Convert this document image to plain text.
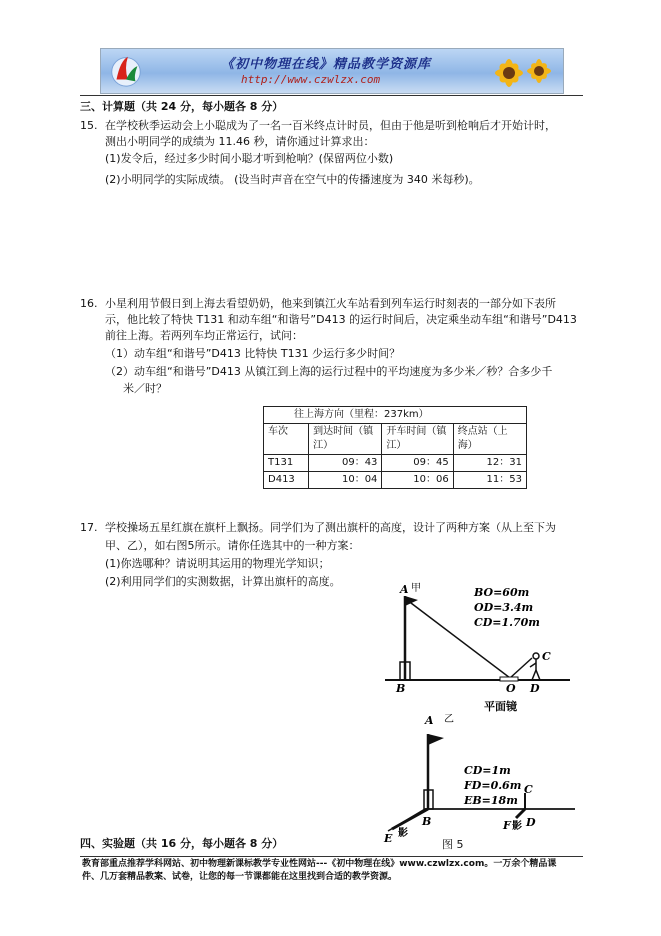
《初中物理在线》精品教学资源库
http://www.czwlzx.com
三、计算题（共 24 分，每小题各 8 分）
15. 在学校秋季运动会上小聪成为了一名一百米终点计时员，但由于他是听到枪响后才开始计时，
测出小明同学的成绩为 11.46 秒，请你通过计算求出：
(1)发令后，经过多少时间小聪才听到枪响？(保留两位小数)
(2)小明同学的实际成绩。 (设当时声音在空气中的传播速度为 340 米每秒)。
16. 小星利用节假日到上海去看望奶奶，他来到镇江火车站看到列车运行时刻表的一部分如下表所
示，他比较了特快 T131 和动车组“和谐号”D413 的运行时间后，决定乘坐动车组“和谐号”D413
前往上海。若两列车均正常运行，试问：
（1）动车组“和谐号”D413 比特快 T131 少运行多少时间？
（2）动车组“和谐号”D413 从镇江到上海的运行过程中的平均速度为多少米／秒？合多少千
米／时？
往上海方向（里程：237km）			
车次	到达时间（镇江）	开车时间（镇江）	终点站（上海）
T131	09：43	09：45	12：31
D413	10：04	10：06	11：53
17. 学校操场五星红旗在旗杆上飘扬。同学们为了测出旗杆的高度，设计了两种方案（从上至下为
甲、乙），如右图5所示。请你任选其中的一种方案：
(1)你选哪种？请说明其运用的物理光学知识；
(2)利用同学们的实测数据，计算出旗杆的高度。
A 甲	BO=60m
OD=3.4m
CD=1.70m
B	O D
C
平面镜
A 乙
CD=1m
FD=0.6m
EB=18m
E 影
B	F 影 D
C
图 5
四、实验题（共 16 分，每小题各 8 分）
教育部重点推荐学科网站、初中物理新课标教学专业性网站---《初中物理在线》www.czwlzx.com。一万余个精品课
件、几万套精品教案、试卷，让您的每一节课都能在这里找到合适的教学资源。
